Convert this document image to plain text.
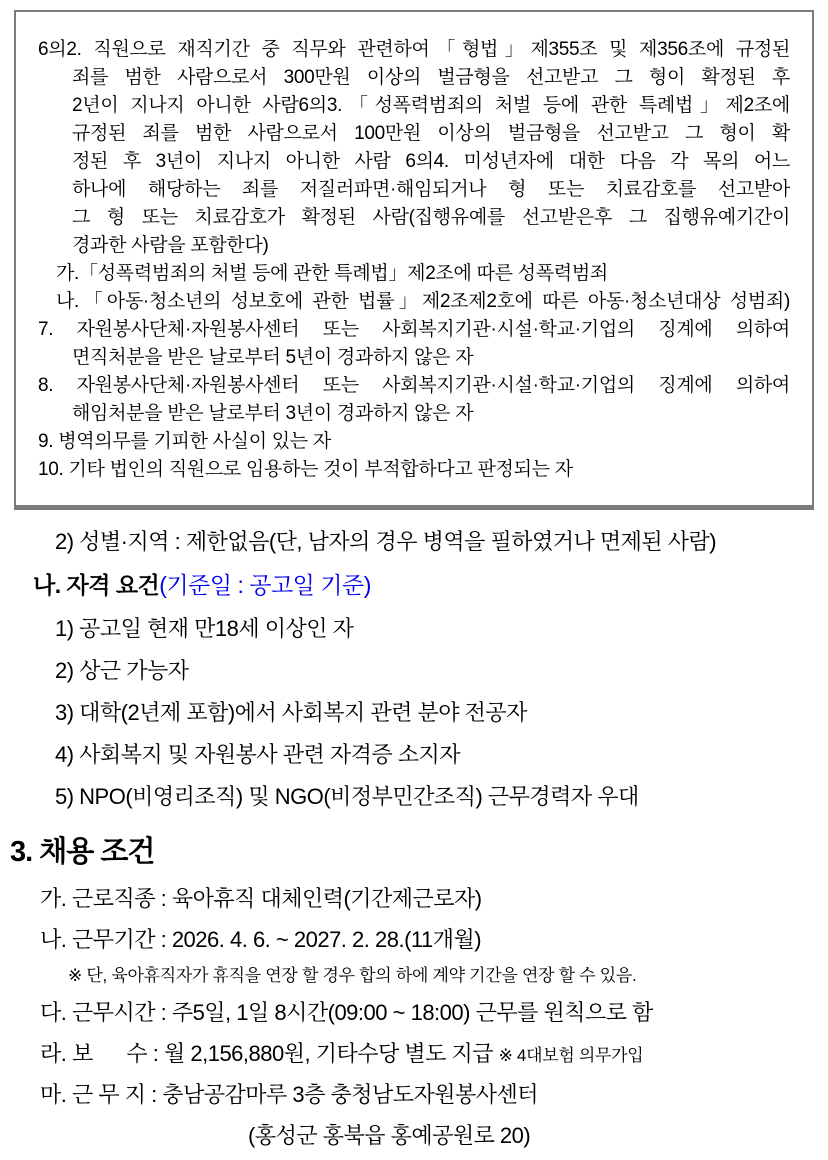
6의2. 직원으로 재직기간 중 직무와 관련하여「형법」제355조 및 제356조에 규정된
죄를 범한 사람으로서 300만원 이상의 벌금형을 선고받고 그 형이 확정된 후
2년이 지나지 아니한 사람6의3.「성폭력범죄의 처벌 등에 관한 특례법」제2조에
규정된 죄를 범한 사람으로서 100만원 이상의 벌금형을 선고받고 그 형이 확
정된 후 3년이 지나지 아니한 사람 6의4. 미성년자에 대한 다음 각 목의 어느
하나에 해당하는 죄를 저질러파면·해임되거나 형 또는 치료감호를 선고받아
그 형 또는 치료감호가 확정된 사람(집행유예를 선고받은후 그 집행유예기간이
경과한 사람을 포함한다)
가.「성폭력범죄의 처벌 등에 관한 특례법」제2조에 따른 성폭력범죄
나.「아동·청소년의 성보호에 관한 법률」제2조제2호에 따른 아동·청소년대상 성범죄)
7. 자원봉사단체·자원봉사센터 또는 사회복지기관·시설·학교·기업의 징계에 의하여
면직처분을 받은 날로부터 5년이 경과하지 않은 자
8. 자원봉사단체·자원봉사센터 또는 사회복지기관·시설·학교·기업의 징계에 의하여
해임처분을 받은 날로부터 3년이 경과하지 않은 자
9. 병역의무를 기피한 사실이 있는 자
10. 기타 법인의 직원으로 임용하는 것이 부적합하다고 판정되는 자
2) 성별·지역 : 제한없음(단, 남자의 경우 병역을 필하였거나 면제된 사람)
나. 자격 요건(기준일 : 공고일 기준)
1) 공고일 현재 만18세 이상인 자
2) 상근 가능자
3) 대학(2년제 포함)에서 사회복지 관련 분야 전공자
4) 사회복지 및 자원봉사 관련 자격증 소지자
5) NPO(비영리조직) 및 NGO(비정부민간조직) 근무경력자 우대
3. 채용 조건
가. 근로직종 : 육아휴직 대체인력(기간제근로자)
나. 근무기간 : 2026. 4. 6. ~ 2027. 2. 28.(11개월)
※ 단, 육아휴직자가 휴직을 연장 할 경우 합의 하에 계약 기간을 연장 할 수 있음.
다. 근무시간 : 주5일, 1일 8시간(09:00 ~ 18:00) 근무를 원칙으로 함
라. 보      수 : 월 2,156,880원, 기타수당 별도 지급 ※ 4대보험 의무가입
마. 근 무 지 : 충남공감마루 3층 충청남도자원봉사센터
(홍성군 홍북읍 홍예공원로 20)
